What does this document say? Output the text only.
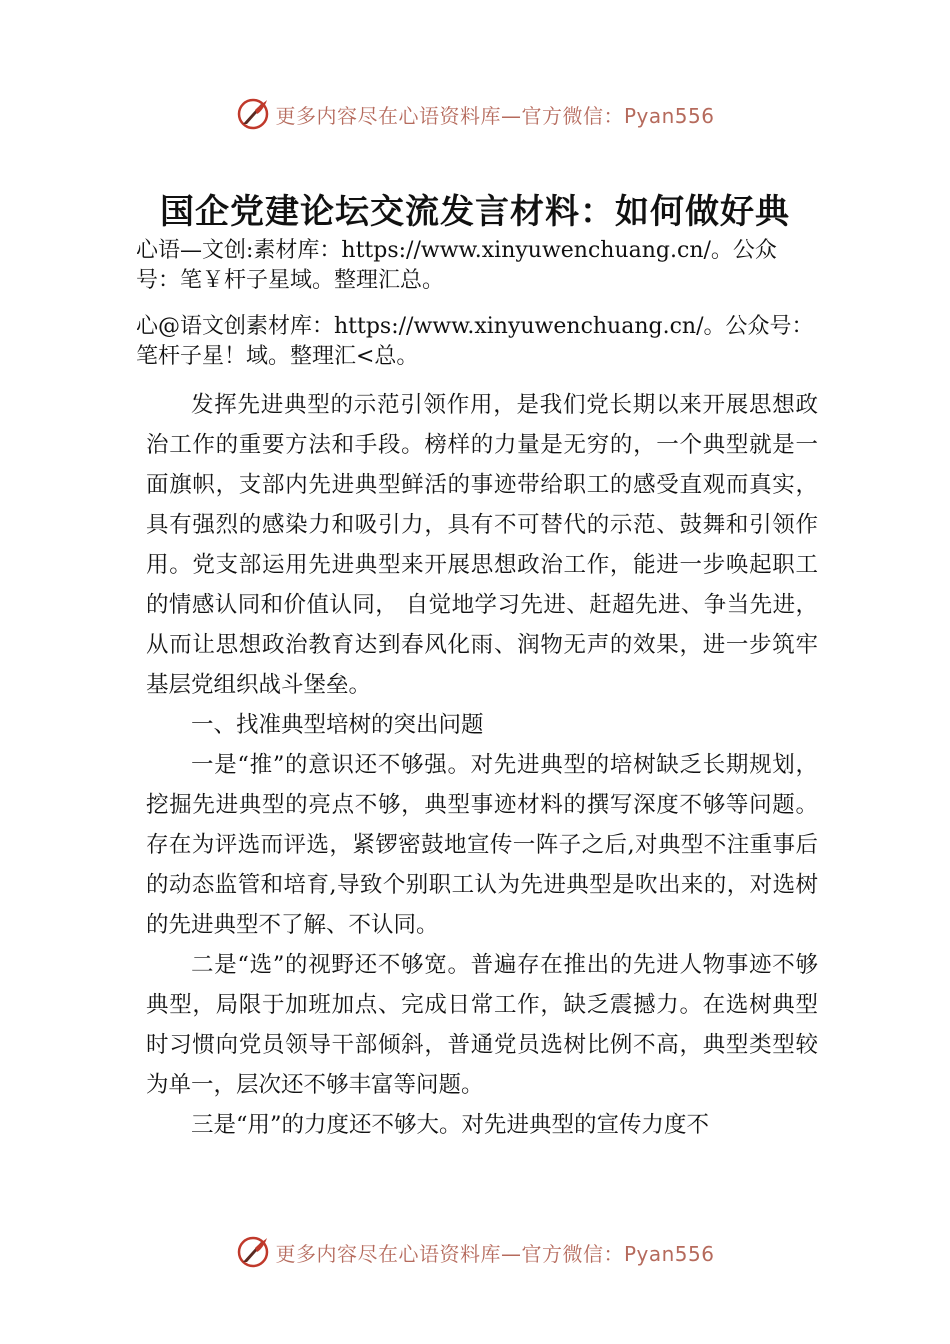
更多内容尽在心语资料库—官方微信：Pyan556
国企党建论坛交流发言材料：如何做好典
心语—文创:素材库：https://www.xinyuwenchuang.cn/。公众号：笔￥杆子星域。整理汇总。
心@语文创素材库：https://www.xinyuwenchuang.cn/。公众号：笔杆子星！域。整理汇<总。

发挥先进典型的示范引领作用，是我们党长期以来开展思想政治工作的重要方法和手段。榜样的力量是无穷的，一个典型就是一面旗帜，支部内先进典型鲜活的事迹带给职工的感受直观而真实，具有强烈的感染力和吸引力，具有不可替代的示范、鼓舞和引领作用。党支部运用先进典型来开展思想政治工作，能进一步唤起职工的情感认同和价值认同， 自觉地学习先进、赶超先进、争当先进，从而让思想政治教育达到春风化雨、润物无声的效果，进一步筑牢基层党组织战斗堡垒。

一、找准典型培树的突出问题

一是“推”的意识还不够强。对先进典型的培树缺乏长期规划，挖掘先进典型的亮点不够，典型事迹材料的撰写深度不够等问题。存在为评选而评选，紧锣密鼓地宣传一阵子之后,对典型不注重事后的动态监管和培育,导致个别职工认为先进典型是吹出来的，对选树的先进典型不了解、不认同。

二是“选”的视野还不够宽。普遍存在推出的先进人物事迹不够典型，局限于加班加点、完成日常工作，缺乏震撼力。在选树典型时习惯向党员领导干部倾斜，普通党员选树比例不高，典型类型较为单一，层次还不够丰富等问题。

三是“用”的力度还不够大。对先进典型的宣传力度不

更多内容尽在心语资料库—官方微信：Pyan556
